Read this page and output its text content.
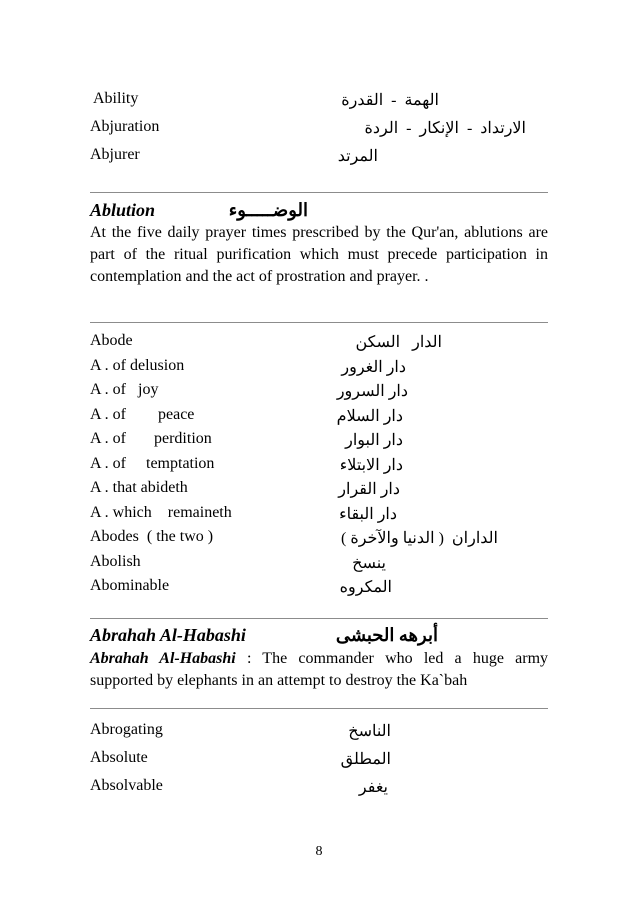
Ability	الهمة  -  القدرة
Abjuration	الارتداد  -  الإنكار  -  الردة
Abjurer	المرتد
Ablution	الوضـــــوء
At the five daily prayer times prescribed by the Qur'an, ablutions are part of the ritual purification which must precede participation in contemplation and the act of prostration and prayer. .
Abode	الدار   السكن
A . of delusion	دار الغرور
A . of   joy	دار السرور
A . of        peace	دار السلام
A . of       perdition	دار البوار
A . of     temptation	دار الابتلاء
A . that abideth	دار القرار
A . which    remaineth	دار البقاء
Abodes  ( the two )	الداران  ( الدنيا والآخرة )
Abolish	ينسخ
Abominable	المكروه
Abrahah Al-Habashi	أبرهه الحبشى
Abrahah Al-Habashi : The commander who led a huge army supported by elephants in an attempt to destroy the Ka`bah
Abrogating	الناسخ
Absolute	المطلق
Absolvable	يغفر
8
